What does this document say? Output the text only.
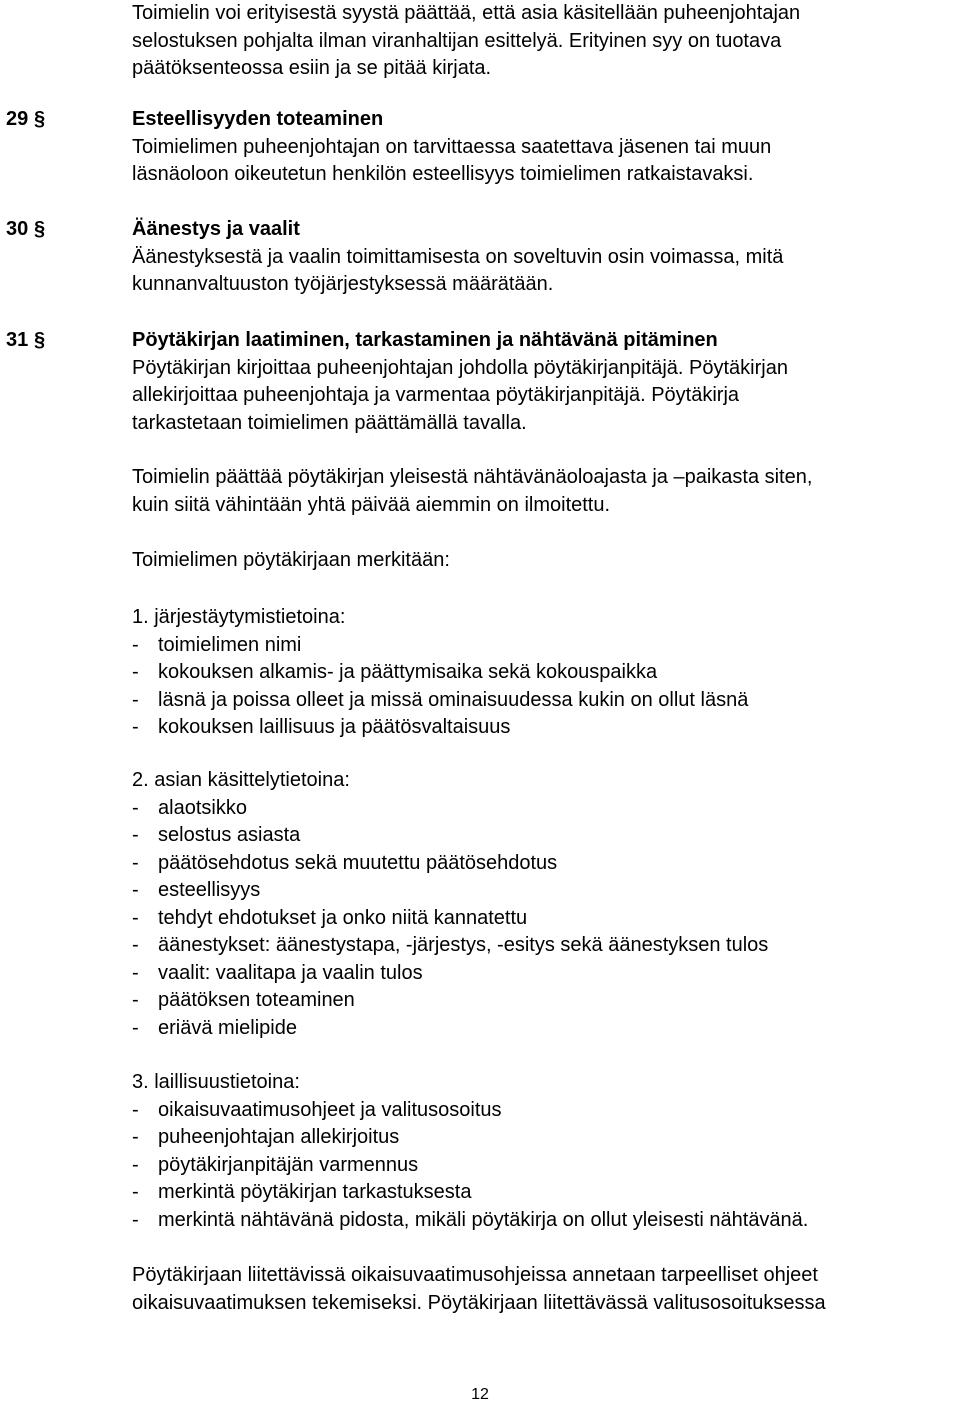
Toimielin voi erityisestä syystä päättää, että asia käsitellään puheenjohtajan
selostuksen pohjalta ilman viranhaltijan esittelyä. Erityinen syy on tuotava
päätöksenteossa esiin ja se pitää kirjata.
29 §	Esteellisyyden toteaminen
Toimielimen puheenjohtajan on tarvittaessa saatettava jäsenen tai muun
läsnäoloon oikeutetun henkilön esteellisyys toimielimen ratkaistavaksi.
30 §	Äänestys ja vaalit
Äänestyksestä ja vaalin toimittamisesta on soveltuvin osin voimassa, mitä
kunnanvaltuuston työjärjestyksessä määrätään.
31 §	Pöytäkirjan laatiminen, tarkastaminen ja nähtävänä pitäminen
Pöytäkirjan kirjoittaa puheenjohtajan johdolla pöytäkirjanpitäjä. Pöytäkirjan
allekirjoittaa puheenjohtaja ja varmentaa pöytäkirjanpitäjä. Pöytäkirja
tarkastetaan toimielimen päättämällä tavalla.
Toimielin päättää pöytäkirjan yleisestä nähtävänäoloajasta ja –paikasta siten,
kuin siitä vähintään yhtä päivää aiemmin on ilmoitettu.
Toimielimen pöytäkirjaan merkitään:
1. järjestäytymistietoina:
- toimielimen nimi
- kokouksen alkamis- ja päättymisaika sekä kokouspaikka
- läsnä ja poissa olleet ja missä ominaisuudessa kukin on ollut läsnä
- kokouksen laillisuus ja päätösvaltaisuus
2. asian käsittelytietoina:
- alaotsikko
- selostus asiasta
- päätösehdotus sekä muutettu päätösehdotus
- esteellisyys
- tehdyt ehdotukset ja onko niitä kannatettu
- äänestykset: äänestystapa, -järjestys, -esitys sekä äänestyksen tulos
- vaalit: vaalitapa ja vaalin tulos
- päätöksen toteaminen
- eriävä mielipide
3. laillisuustietoina:
- oikaisuvaatimusohjeet ja valitusosoitus
- puheenjohtajan allekirjoitus
- pöytäkirjanpitäjän varmennus
- merkintä pöytäkirjan tarkastuksesta
- merkintä nähtävänä pidosta, mikäli pöytäkirja on ollut yleisesti nähtävänä.
Pöytäkirjaan liitettävissä oikaisuvaatimusohjeissa annetaan tarpeelliset ohjeet
oikaisuvaatimuksen tekemiseksi. Pöytäkirjaan liitettävässä valitusosoituksessa
12
